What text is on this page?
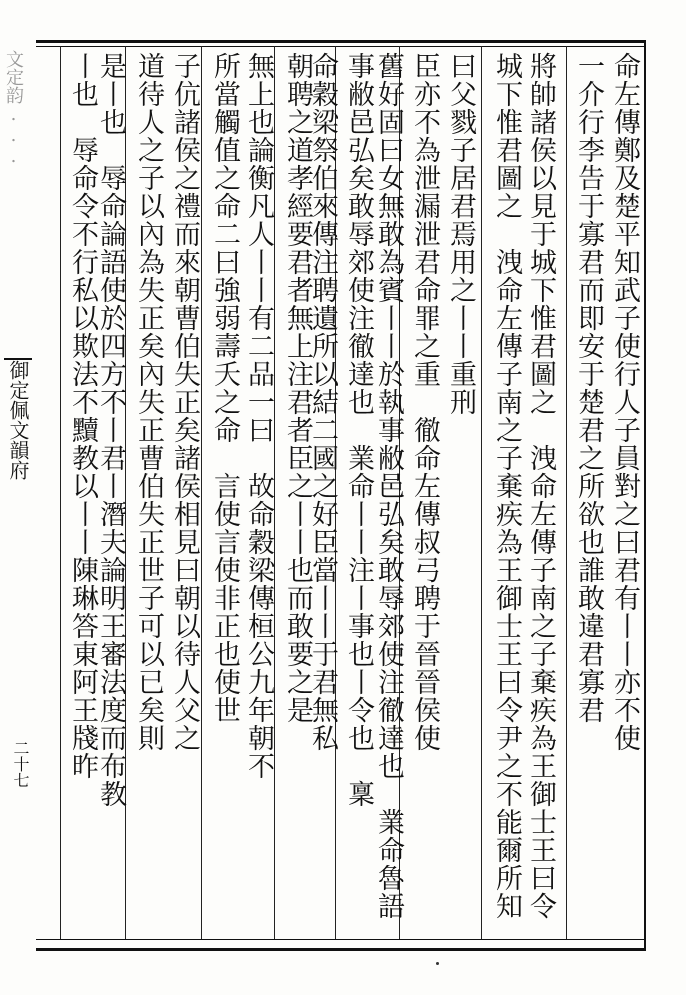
文定韵...
御定佩文韻府
二十七
命左傳鄭及楚平知武子使行人子員對之曰君有丨丨亦不使
一介行李告于寡君而即安于楚君之所欲也誰敢違君寡君
將帥諸侯以見于城下惟君圖之　洩命左傳子南之子棄疾為王御士王曰令
城下惟君圖之　洩命左傳子南之子棄疾為王御士王曰令尹之不能爾所知
曰父戮子居君焉用之丨丨重刑
臣亦不為泄漏泄君命罪之重　徹命左傳叔弓聘于晉晉侯使
舊好固曰女無敢為賓丨丨於執事敝邑弘矣敢辱郊使注徹達也　業命魯語
事敝邑弘矣敢辱郊使注徹達也　業命丨丨注丨事也丨令也　稟
命穀梁祭伯來傳注聘遺所以結二國之好臣當丨丨于君無私
朝聘之道孝經要君者無上注君者臣之丨丨也而敢要之是
無上也論衡凡人丨丨有二品一曰　故命穀梁傳桓公九年朝不
所當觸值之命二曰強弱壽夭之命　言使言使非正也使世
子伉諸侯之禮而來朝曹伯失正矣諸侯相見曰朝以待人父之
道待人之子以內為失正矣內失正曹伯失正世子可以已矣則
是丨也　辱命論語使於四方不丨君丨潛夫論明王審法度而布教
丨也　辱命令不行私以欺法不黷教以丨丨陳琳答東阿王牋昨
